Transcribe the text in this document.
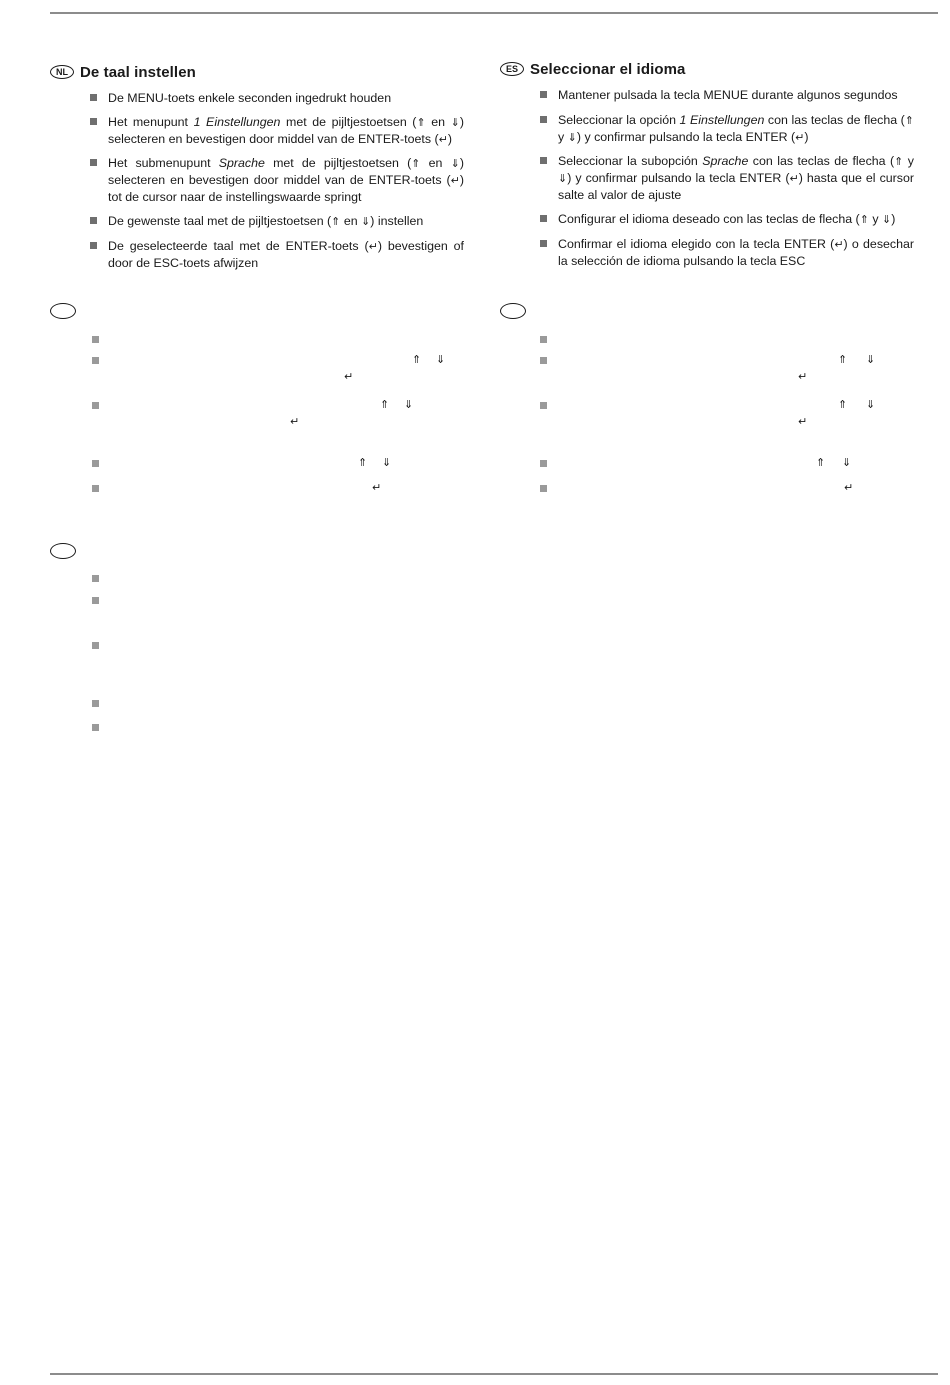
NL De taal instellen
De MENU-toets enkele seconden ingedrukt houden
Het menupunt 1 Einstellungen met de pijltjestoetsen (⇑ en ⇓) selecteren en bevestigen door middel van de ENTER-toets (↵)
Het submenupunt Sprache met de pijltjestoetsen (⇑ en ⇓) selecteren en bevestigen door middel van de ENTER-toets (↵) tot de cursor naar de instellingswaarde springt
De gewenste taal met de pijltjestoetsen (⇑ en ⇓) instellen
De geselecteerde taal met de ENTER-toets (↵) bevestigen of door de ESC-toets afwijzen
ES Seleccionar el idioma
Mantener pulsada la tecla MENUE durante algunos segundos
Seleccionar la opción 1 Einstellungen con las teclas de flecha (⇑ y ⇓) y confirmar pulsando la tecla ENTER (↵)
Seleccionar la subopción Sprache con las teclas de flecha (⇑ y ⇓) y confirmar pulsando la tecla ENTER (↵) hasta que el cursor salte al valor de ajuste
Configurar el idioma deseado con las teclas de flecha (⇑ y ⇓)
Confirmar el idioma elegido con la tecla ENTER (↵) o desechar la selección de idioma pulsando la tecla ESC
⇑ ⇓
↵
⇑ ⇓
↵
⇑ ⇓
↵
⇑ ⇓
↵
⇑ ⇓
↵
⇑ ⇓
↵
